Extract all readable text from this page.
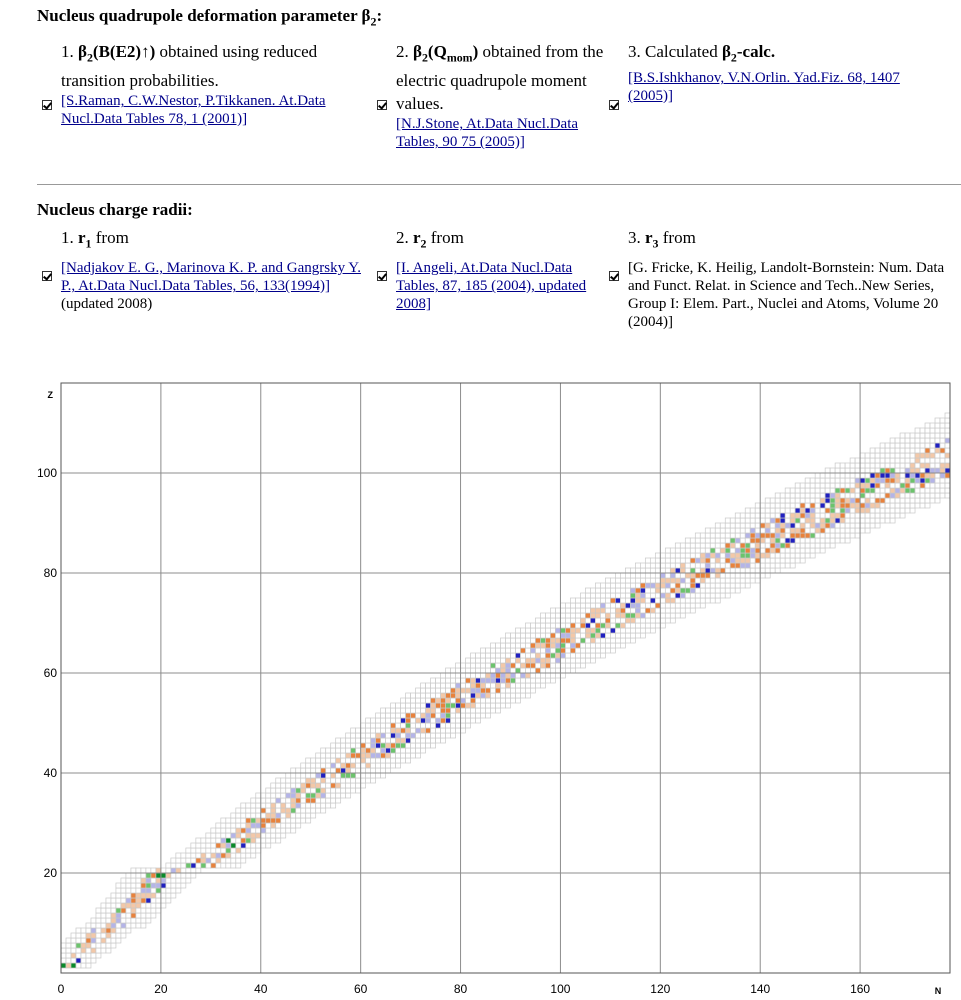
Nucleus quadrupole deformation parameter $\beta_2$:
1. $\beta_2(B(E2)↑)$ obtained using reduced transition probabilities.
[S.Raman, C.W.Nestor, P.Tikkanen. At.Data Nucl.Data Tables 78, 1 (2001)]
2. $\beta_2(Q_{mom})$ obtained from the electric quadrupole moment values.
[N.J.Stone, At.Data Nucl.Data Tables, 90 75 (2005)]
3. Calculated $\beta_2$-calc.
[B.S.Ishkhanov, V.N.Orlin. Yad.Fiz. 68, 1407 (2005)]
Nucleus charge radii:
1. $r_1$ from
[Nadjakov E. G., Marinova K. P. and Gangrsky Y. P., At.Data Nucl.Data Tables, 56, 133(1994)] (updated 2008)
2. $r_2$ from
[I. Angeli, At.Data Nucl.Data Tables, 87, 185 (2004), updated 2008]
3. $r_3$ from
[G. Fricke, K. Heilig, Landolt-Bornstein: Num. Data and Funct. Relat. in Science and Tech..New Series, Group I: Elem. Part., Nuclei and Atoms, Volume 20 (2004)]
0	20	40	60	80	100	120	140	160
20
40
60
80
100
Z
N
